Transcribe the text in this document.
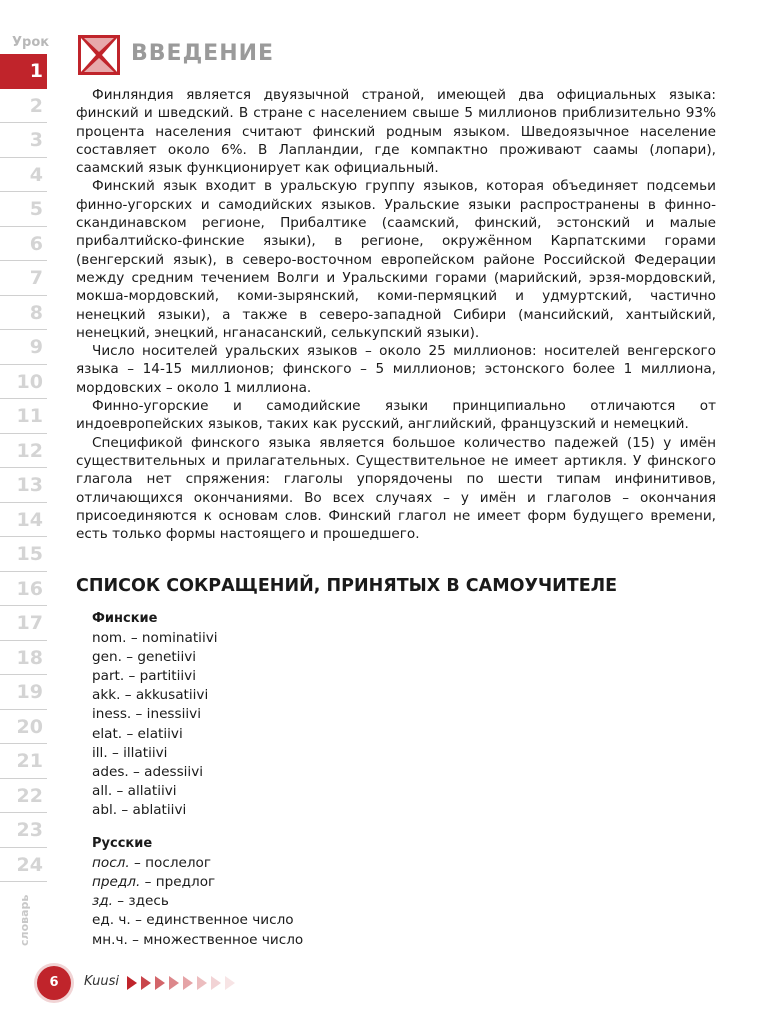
Урок
1
2
3
4
5
6
7
8
9
10
11
12
13
14
15
16
17
18
19
20
21
22
23
24
словарь
ВВЕДЕНИЕ

Финляндия является двуязычной страной, имеющей два официальных языка: финский и шведский. В стране с населением свыше 5 миллионов приблизительно 93% процента населения считают финский родным языком. Шведоязычное население составляет около 6%. В Лапландии, где компактно проживают саамы (лопари), саамский язык функционирует как официальный.

Финский язык входит в уральскую группу языков, которая объединяет подсемьи финно-угорских и самодийских языков. Уральские языки распространены в финно-скандинавском регионе, Прибалтике (саамский, финский, эстонский и малые прибалтийско-финские языки), в регионе, окружённом Карпатскими горами (венгерский язык), в северо-восточном европейском районе Российской Федерации между средним течением Волги и Уральскими горами (марийский, эрзя-мордовский, мокша-мордовский, коми-зырянский, коми-пермяцкий и удмуртский, частично ненецкий языки), а также в северо-западной Сибири (мансийский, хантыйский, ненецкий, энецкий, нганасанский, селькупский языки).

Число носителей уральских языков – около 25 миллионов: носителей венгерского языка – 14-15 миллионов; финского – 5 миллионов; эстонского более 1 миллиона, мордовских – около 1 миллиона.

Финно-угорские и самодийские языки принципиально отличаются от индоевропейских языков, таких как русский, английский, французский и немецкий.

Спецификой финского языка является большое количество падежей (15) у имён существительных и прилагательных. Существительное не имеет артикля. У финского глагола нет спряжения: глаголы упорядочены по шести типам инфинитивов, отличающихся окончаниями. Во всех случаях – у имён и глаголов – окончания присоединяются к основам слов. Финский глагол не имеет форм будущего времени, есть только формы настоящего и прошедшего.

СПИСОК СОКРАЩЕНИЙ, ПРИНЯТЫХ В САМОУЧИТЕЛЕ

Финские

nom. – nominatiivi

gen. – genetiivi

part. – partitiivi

akk. – akkusatiivi

iness. – inessiivi

elat. – elatiivi

ill. – illatiivi

ades. – adessiivi

all. – allatiivi

abl. – ablatiivi

Русские

посл. – послелог

предл. – предлог

зд. – здесь

ед. ч. – единственное число

мн.ч. – множественное число

6	Kuusi
